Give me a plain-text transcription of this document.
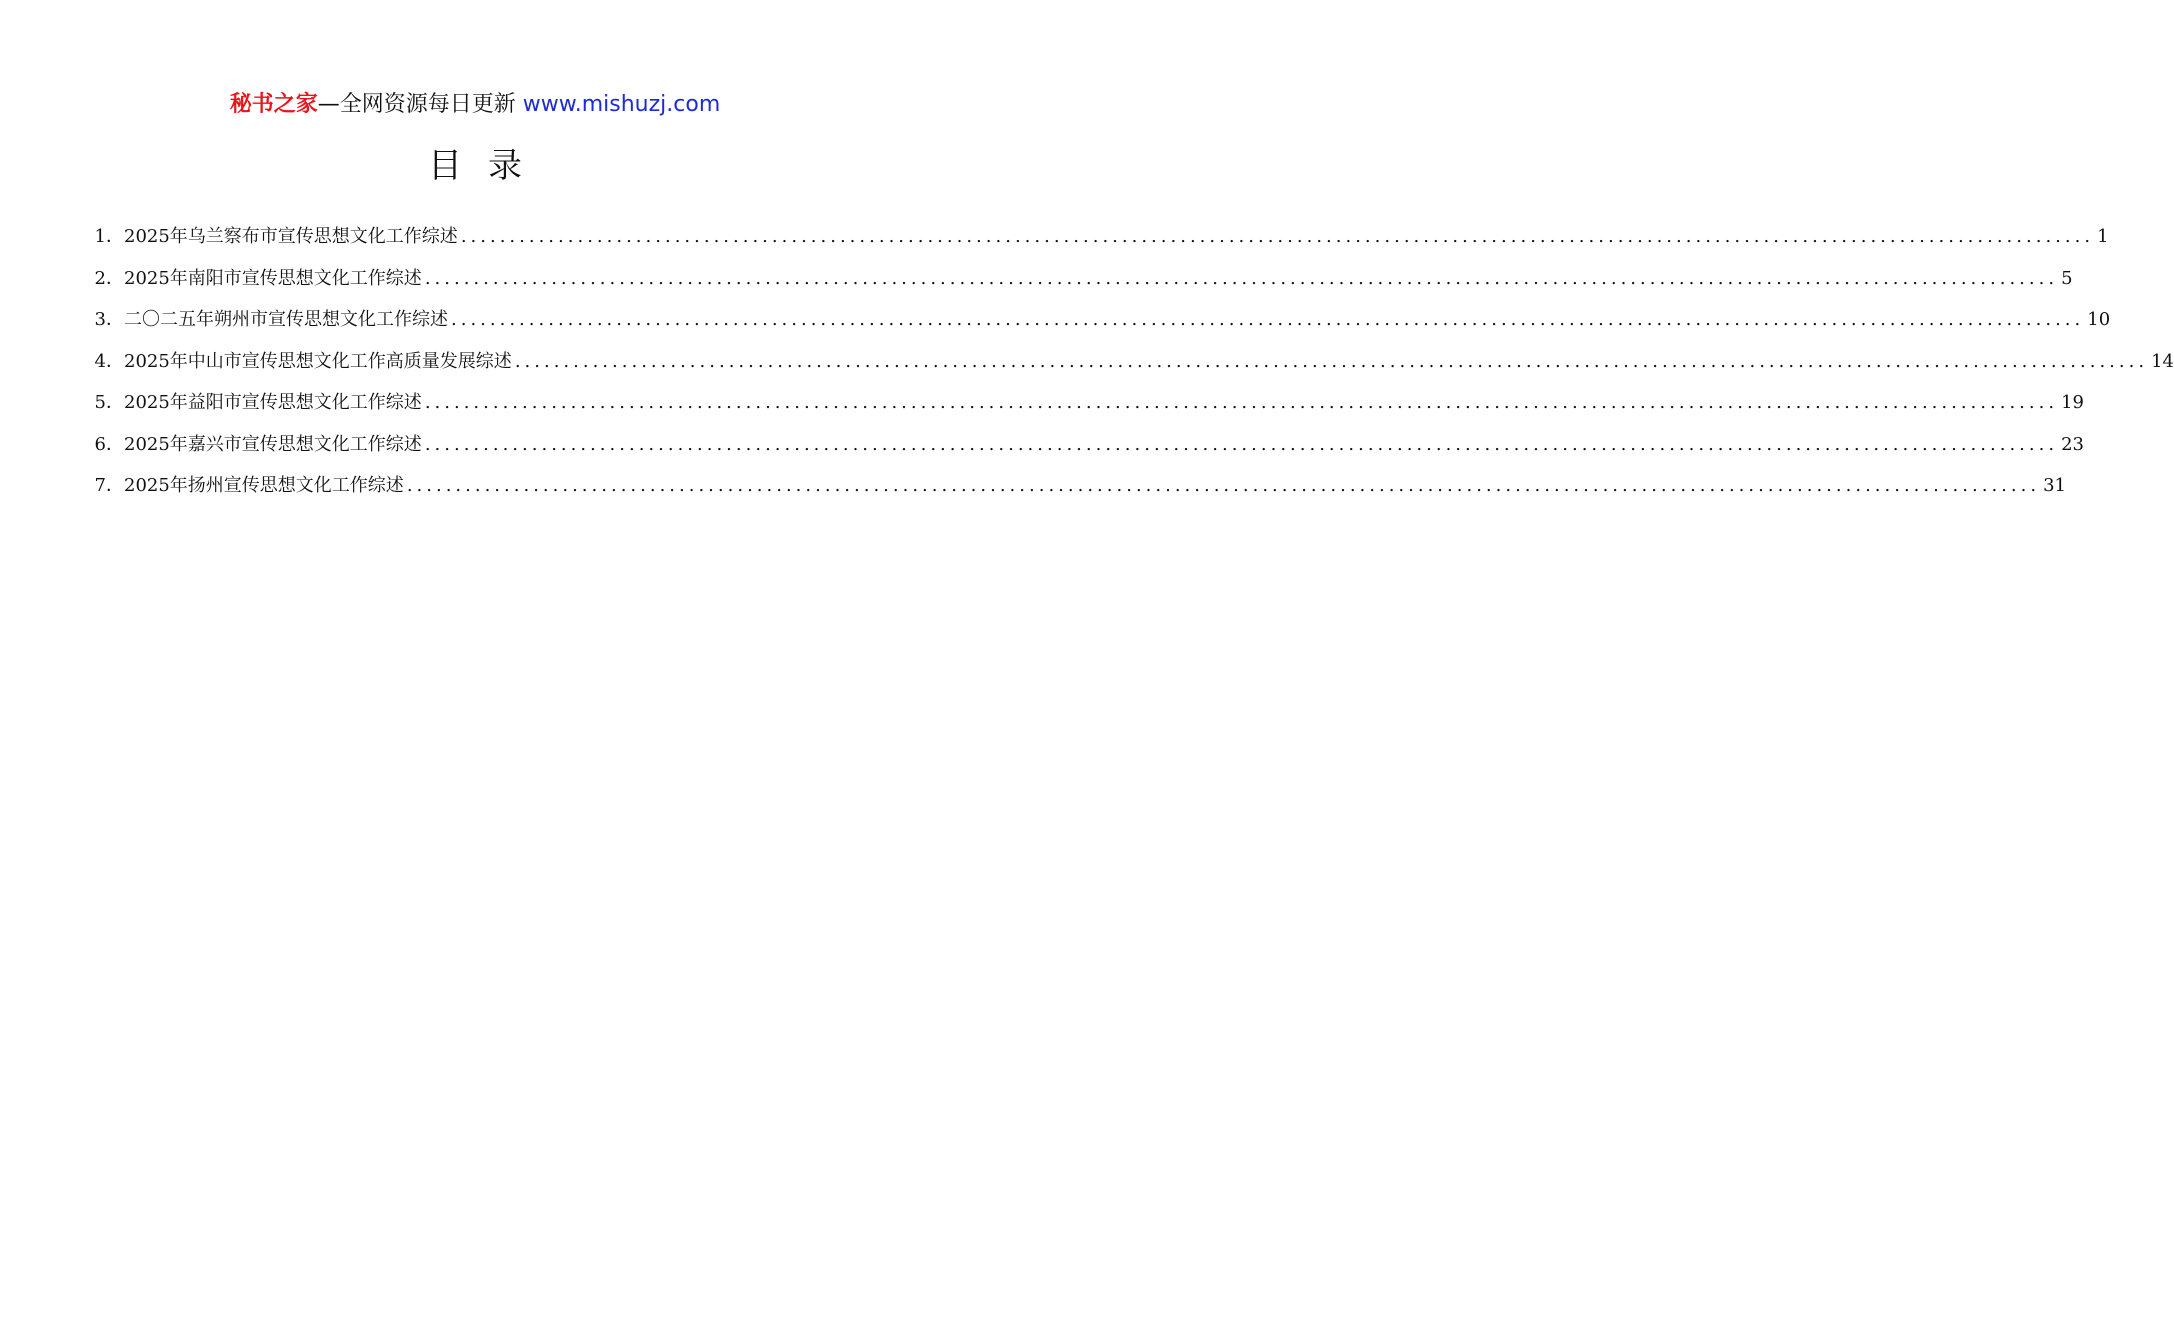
秘书之家—全网资源每日更新 www.mishuzj.com
目录
1． 2025年乌兰察布市宣传思想文化工作综述 .....	1
2． 2025年南阳市宣传思想文化工作综述 .....	5
3． 二〇二五年朔州市宣传思想文化工作综述 .....	10
4． 2025年中山市宣传思想文化工作高质量发展综述 .....	14
5． 2025年益阳市宣传思想文化工作综述 .....	19
6． 2025年嘉兴市宣传思想文化工作综述 .....	23
7． 2025年扬州宣传思想文化工作综述 .....	31
